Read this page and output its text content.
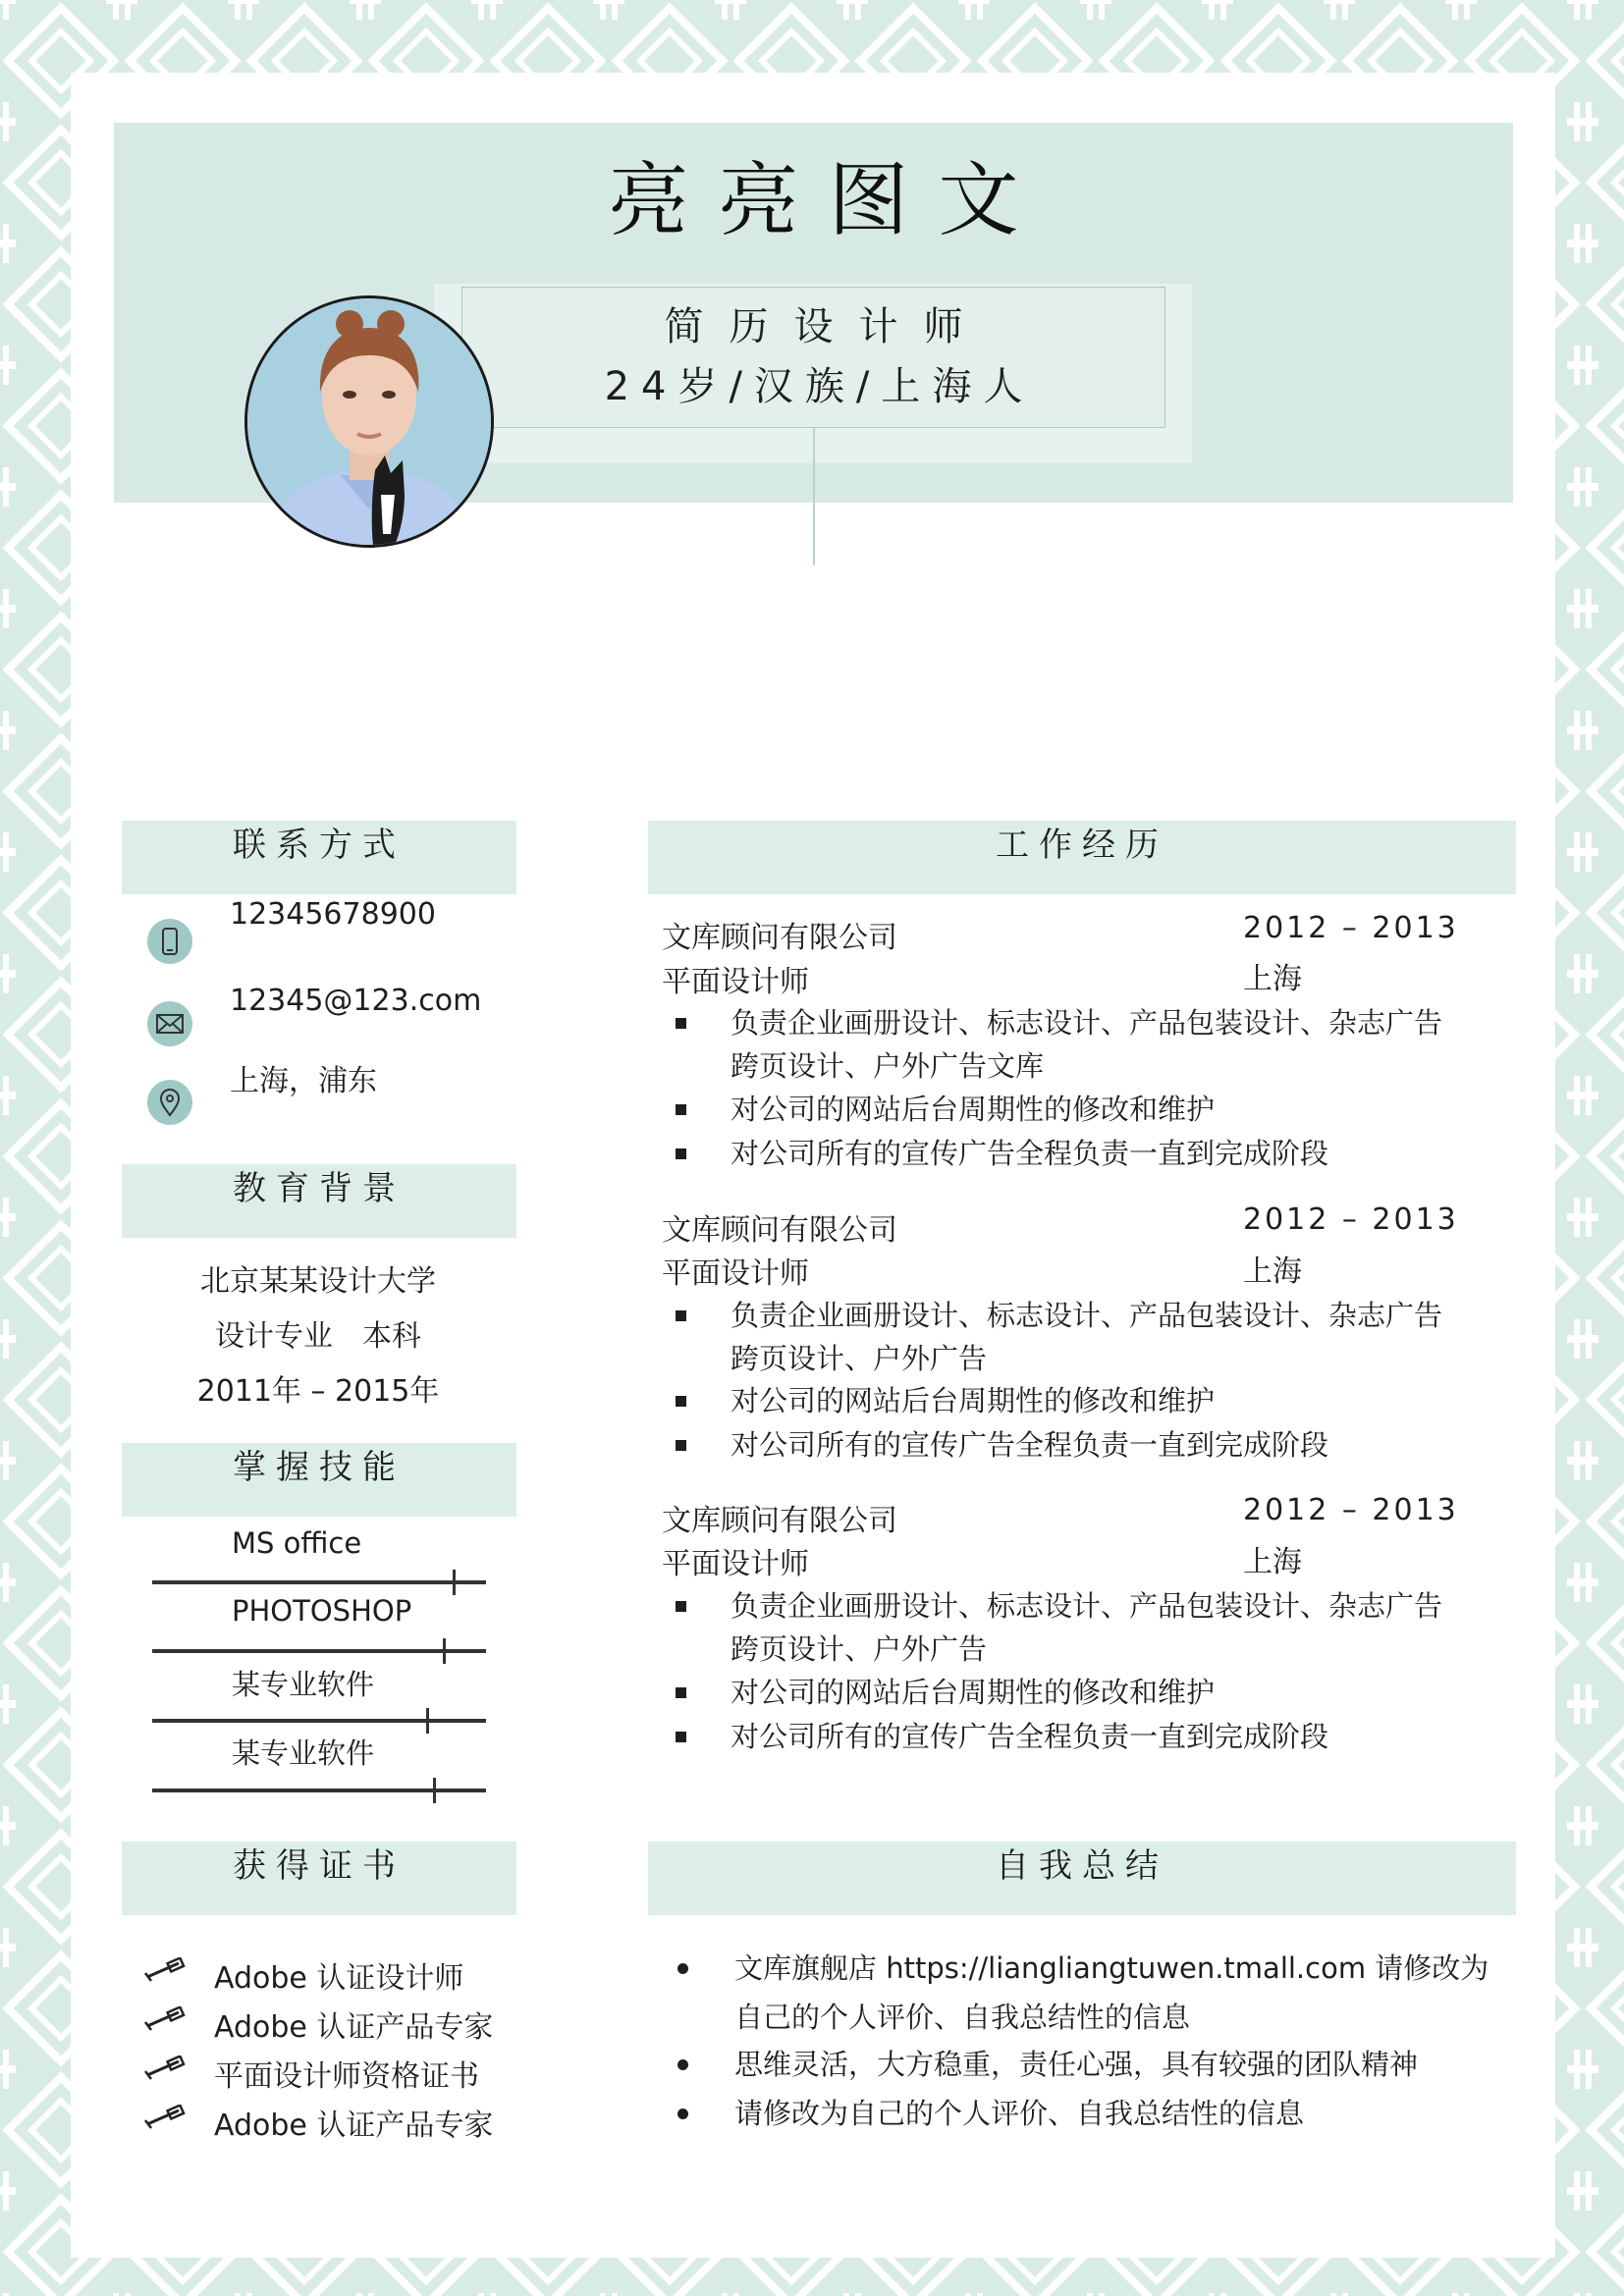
亮亮图文
简历设计师
24岁/汉族/上海人
联系方式
12345678900
12345@123.com
上海，浦东
教育背景
北京某某设计大学
设计专业　本科
2011年 – 2015年
掌握技能
MS office
PHOTOSHOP
某专业软件
某专业软件
获得证书
Adobe 认证设计师
Adobe 认证产品专家
平面设计师资格证书
Adobe 认证产品专家
工作经历
文库顾问有限公司	2012 – 2013
平面设计师	上海
负责企业画册设计、标志设计、产品包装设计、杂志广告跨页设计、户外广告文库
对公司的网站后台周期性的修改和维护
对公司所有的宣传广告全程负责一直到完成阶段
文库顾问有限公司	2012 – 2013
平面设计师	上海
负责企业画册设计、标志设计、产品包装设计、杂志广告跨页设计、户外广告
对公司的网站后台周期性的修改和维护
对公司所有的宣传广告全程负责一直到完成阶段
文库顾问有限公司	2012 – 2013
平面设计师	上海
负责企业画册设计、标志设计、产品包装设计、杂志广告跨页设计、户外广告
对公司的网站后台周期性的修改和维护
对公司所有的宣传广告全程负责一直到完成阶段
自我总结
文库旗舰店 https://liangliangtuwen.tmall.com 请修改为自己的个人评价、自我总结性的信息
思维灵活，大方稳重，责任心强，具有较强的团队精神
请修改为自己的个人评价、自我总结性的信息
